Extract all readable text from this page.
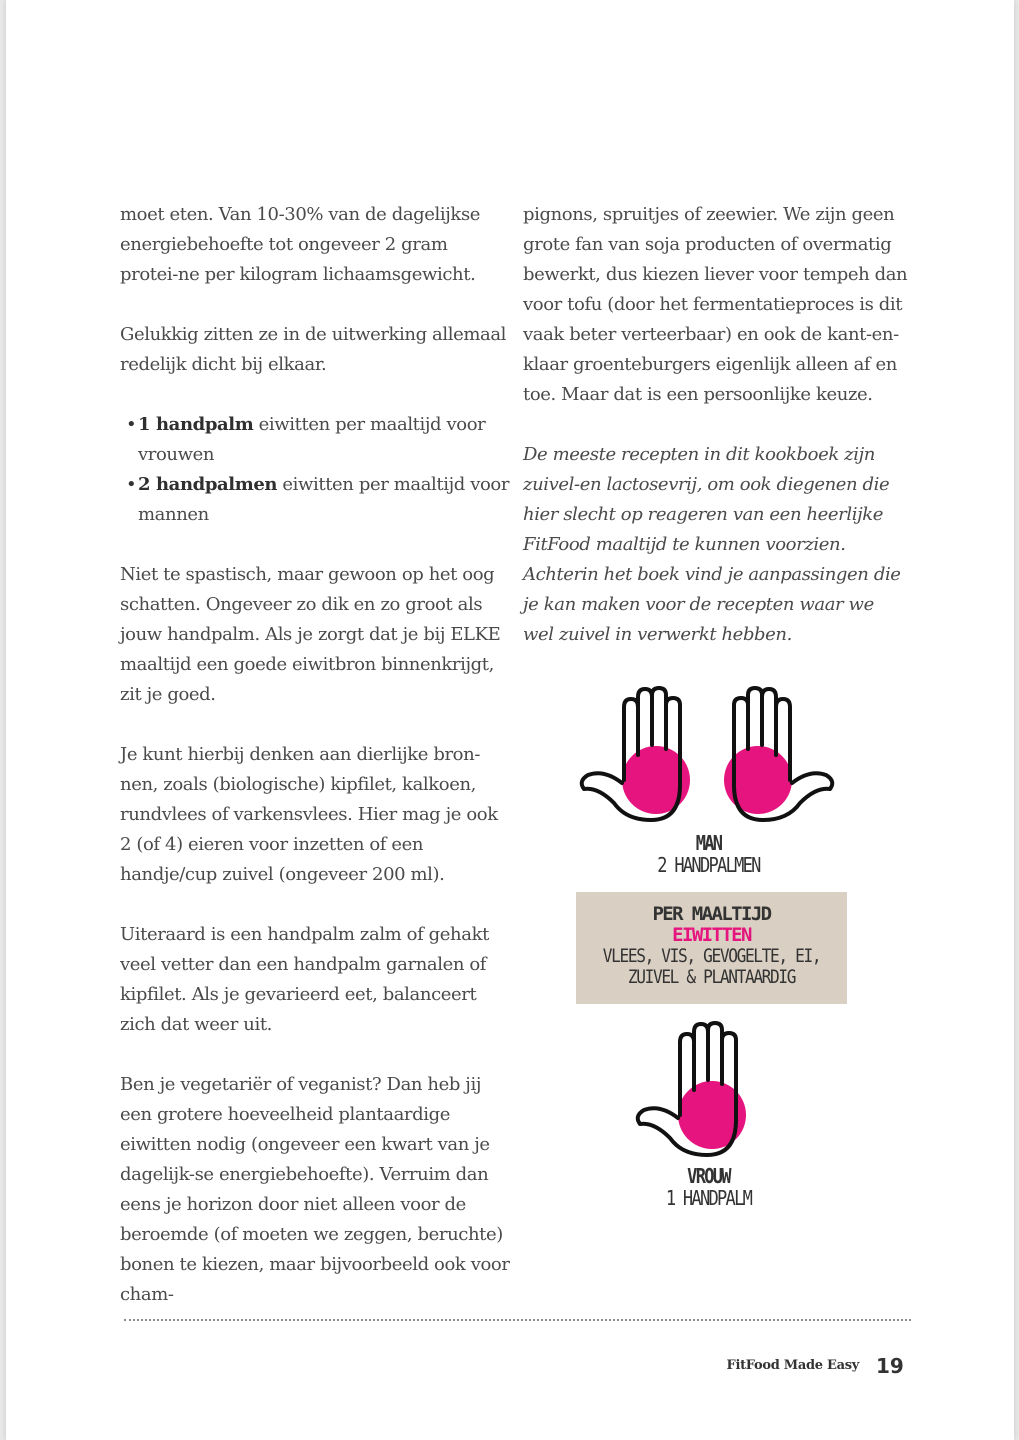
moet eten. Van 10-30% van de dagelijkse energiebehoefte tot ongeveer 2 gram protei-ne per kilogram lichaamsgewicht.

Gelukkig zitten ze in de uitwerking allemaal redelijk dicht bij elkaar.

• 1 handpalm eiwitten per maaltijd voor vrouwen
• 2 handpalmen eiwitten per maaltijd voor mannen

Niet te spastisch, maar gewoon op het oog schatten. Ongeveer zo dik en zo groot als jouw handpalm. Als je zorgt dat je bij ELKE maaltijd een goede eiwitbron binnenkrijgt, zit je goed.

Je kunt hierbij denken aan dierlijke bron-nen, zoals (biologische) kipfilet, kalkoen, rundvlees of varkensvlees. Hier mag je ook 2 (of 4) eieren voor inzetten of een handje/cup zuivel (ongeveer 200 ml).

Uiteraard is een handpalm zalm of gehakt veel vetter dan een handpalm garnalen of kipfilet. Als je gevarieerd eet, balanceert zich dat weer uit.

Ben je vegetariër of veganist? Dan heb jij een grotere hoeveelheid plantaardige eiwitten nodig (ongeveer een kwart van je dagelijk-se energiebehoefte). Verruim dan eens je horizon door niet alleen voor de beroemde (of moeten we zeggen, beruchte) bonen te kiezen, maar bijvoorbeeld ook voor cham-

pignons, spruitjes of zeewier. We zijn geen grote fan van soja producten of overmatig bewerkt, dus kiezen liever voor tempeh dan voor tofu (door het fermentatieproces is dit vaak beter verteerbaar) en ook de kant-en-klaar groenteburgers eigenlijk alleen af en toe. Maar dat is een persoonlijke keuze.

De meeste recepten in dit kookboek zijn zuivel-en lactosevrij, om ook diegenen die hier slecht op reageren van een heerlijke FitFood maaltijd te kunnen voorzien. Achterin het boek vind je aanpassingen die je kan maken voor de recepten waar we wel zuivel in verwerkt hebben.

MAN
2 HANDPALMEN
PER MAALTIJD
EIWITTEN
VLEES, VIS, GEVOGELTE, EI,
ZUIVEL & PLANTAARDIG
VROUW
1 HANDPALM
FitFood Made Easy 19
